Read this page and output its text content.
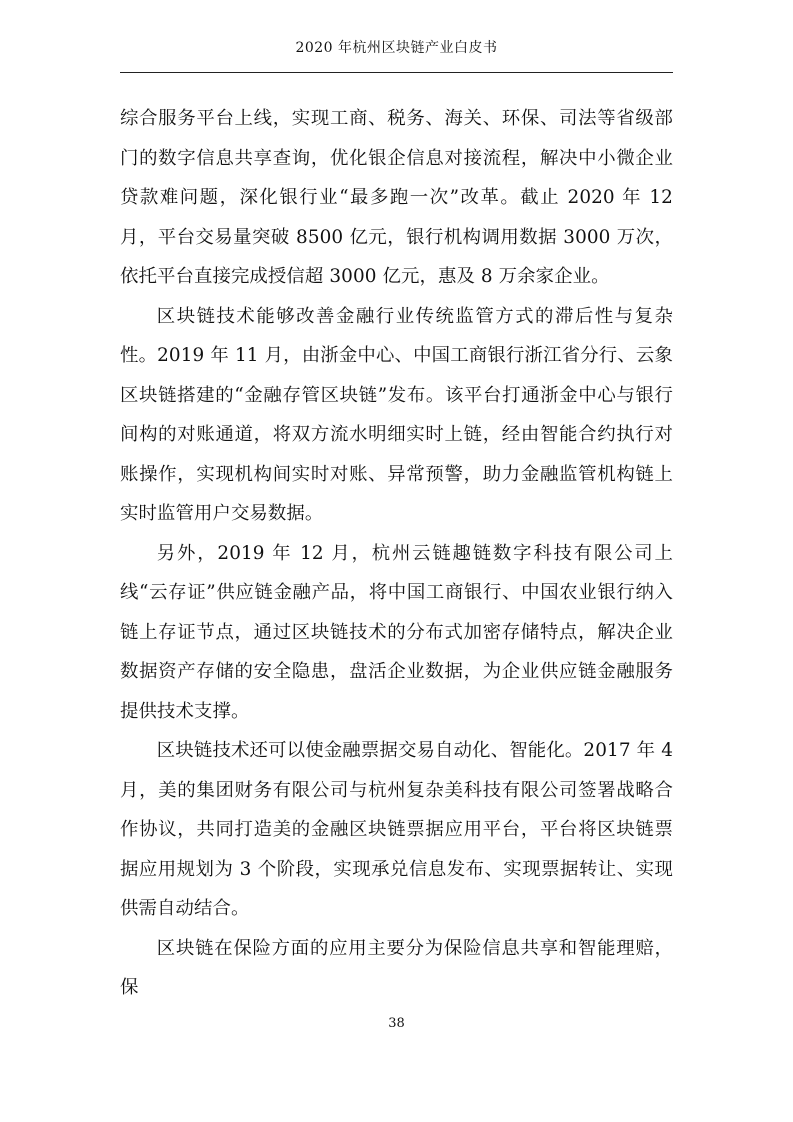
2020 年杭州区块链产业白皮书

综合服务平台上线，实现工商、税务、海关、环保、司法等省级部门的数字信息共享查询，优化银企信息对接流程，解决中小微企业贷款难问题，深化银行业“最多跑一次”改革。截止 2020 年 12 月，平台交易量突破 8500 亿元，银行机构调用数据 3000 万次，依托平台直接完成授信超 3000 亿元，惠及 8 万余家企业。

区块链技术能够改善金融行业传统监管方式的滞后性与复杂性。2019 年 11 月，由浙金中心、中国工商银行浙江省分行、云象区块链搭建的“金融存管区块链”发布。该平台打通浙金中心与银行间构的对账通道，将双方流水明细实时上链，经由智能合约执行对账操作，实现机构间实时对账、异常预警，助力金融监管机构链上实时监管用户交易数据。

另外，2019 年 12 月，杭州云链趣链数字科技有限公司上线“云存证”供应链金融产品，将中国工商银行、中国农业银行纳入链上存证节点，通过区块链技术的分布式加密存储特点，解决企业数据资产存储的安全隐患，盘活企业数据，为企业供应链金融服务提供技术支撑。

区块链技术还可以使金融票据交易自动化、智能化。2017 年 4 月，美的集团财务有限公司与杭州复杂美科技有限公司签署战略合作协议，共同打造美的金融区块链票据应用平台，平台将区块链票据应用规划为 3 个阶段，实现承兑信息发布、实现票据转让、实现供需自动结合。

区块链在保险方面的应用主要分为保险信息共享和智能理赔，保

38
